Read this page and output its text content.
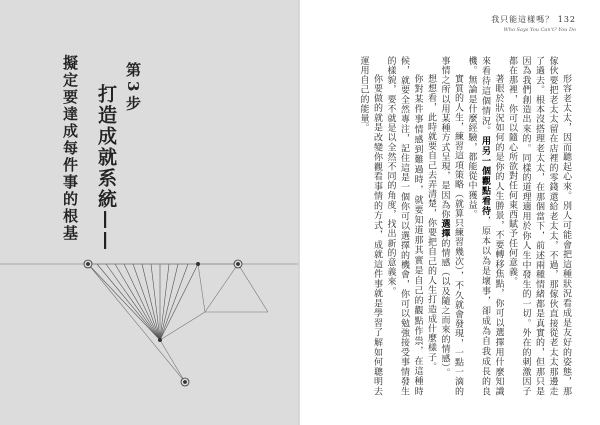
第3步
打造成就系統——
擬定要達成每件事的根基
我只能這樣嗎？ 132
Who Says You Can't? You Do

形容老太太，因而聽起心來。別人可能會把這種狀況看成是友好的姿態，那傢伙要把老太太留在店裡的零錢還給老太太，不過，那傢伙直接從老太太那邊走了過去。根本沒搭理老太太，在那個當下，前述兩種情緒都是真實的，但那只是因為我們創造出來的。同樣的道理適用於你人生中發生的一切。外在的刺激因子都在那裡，你可以隨心所欲對任何東西賦予任何意義。

著眼於狀況如何的是你的人生勝景，不要轉移焦點，你可以選擇用什麼知識來看待這個情況。用另一個觀點看待，原本以為是壞事，卻成為自我成長的良機。無論是什麼經驗，都能從中獲益。

實質的人生，練習這項策略（就算只練習幾次），不久就會發現，一點一滴的事情之所以用某種方式呈現，是因為你選擇的情感（以及隨之而來的情感）。

想想看，此時就要自己去弄清楚，你要把自己的人生打造成什麼樣子。

你對某件事情感到難過時，就要知道那其實是自己的觀點作祟，在這種時候，就要全然專注，記住這是一個你可以選擇的機會，你可以勉強接受事情發生的樣貌，要不就是以全然不同的角度，找出新的意義來。

你要做的就是改變你觀看事情的方式，成就這件事就是學習了解如何聰明去運用自己的能量。
